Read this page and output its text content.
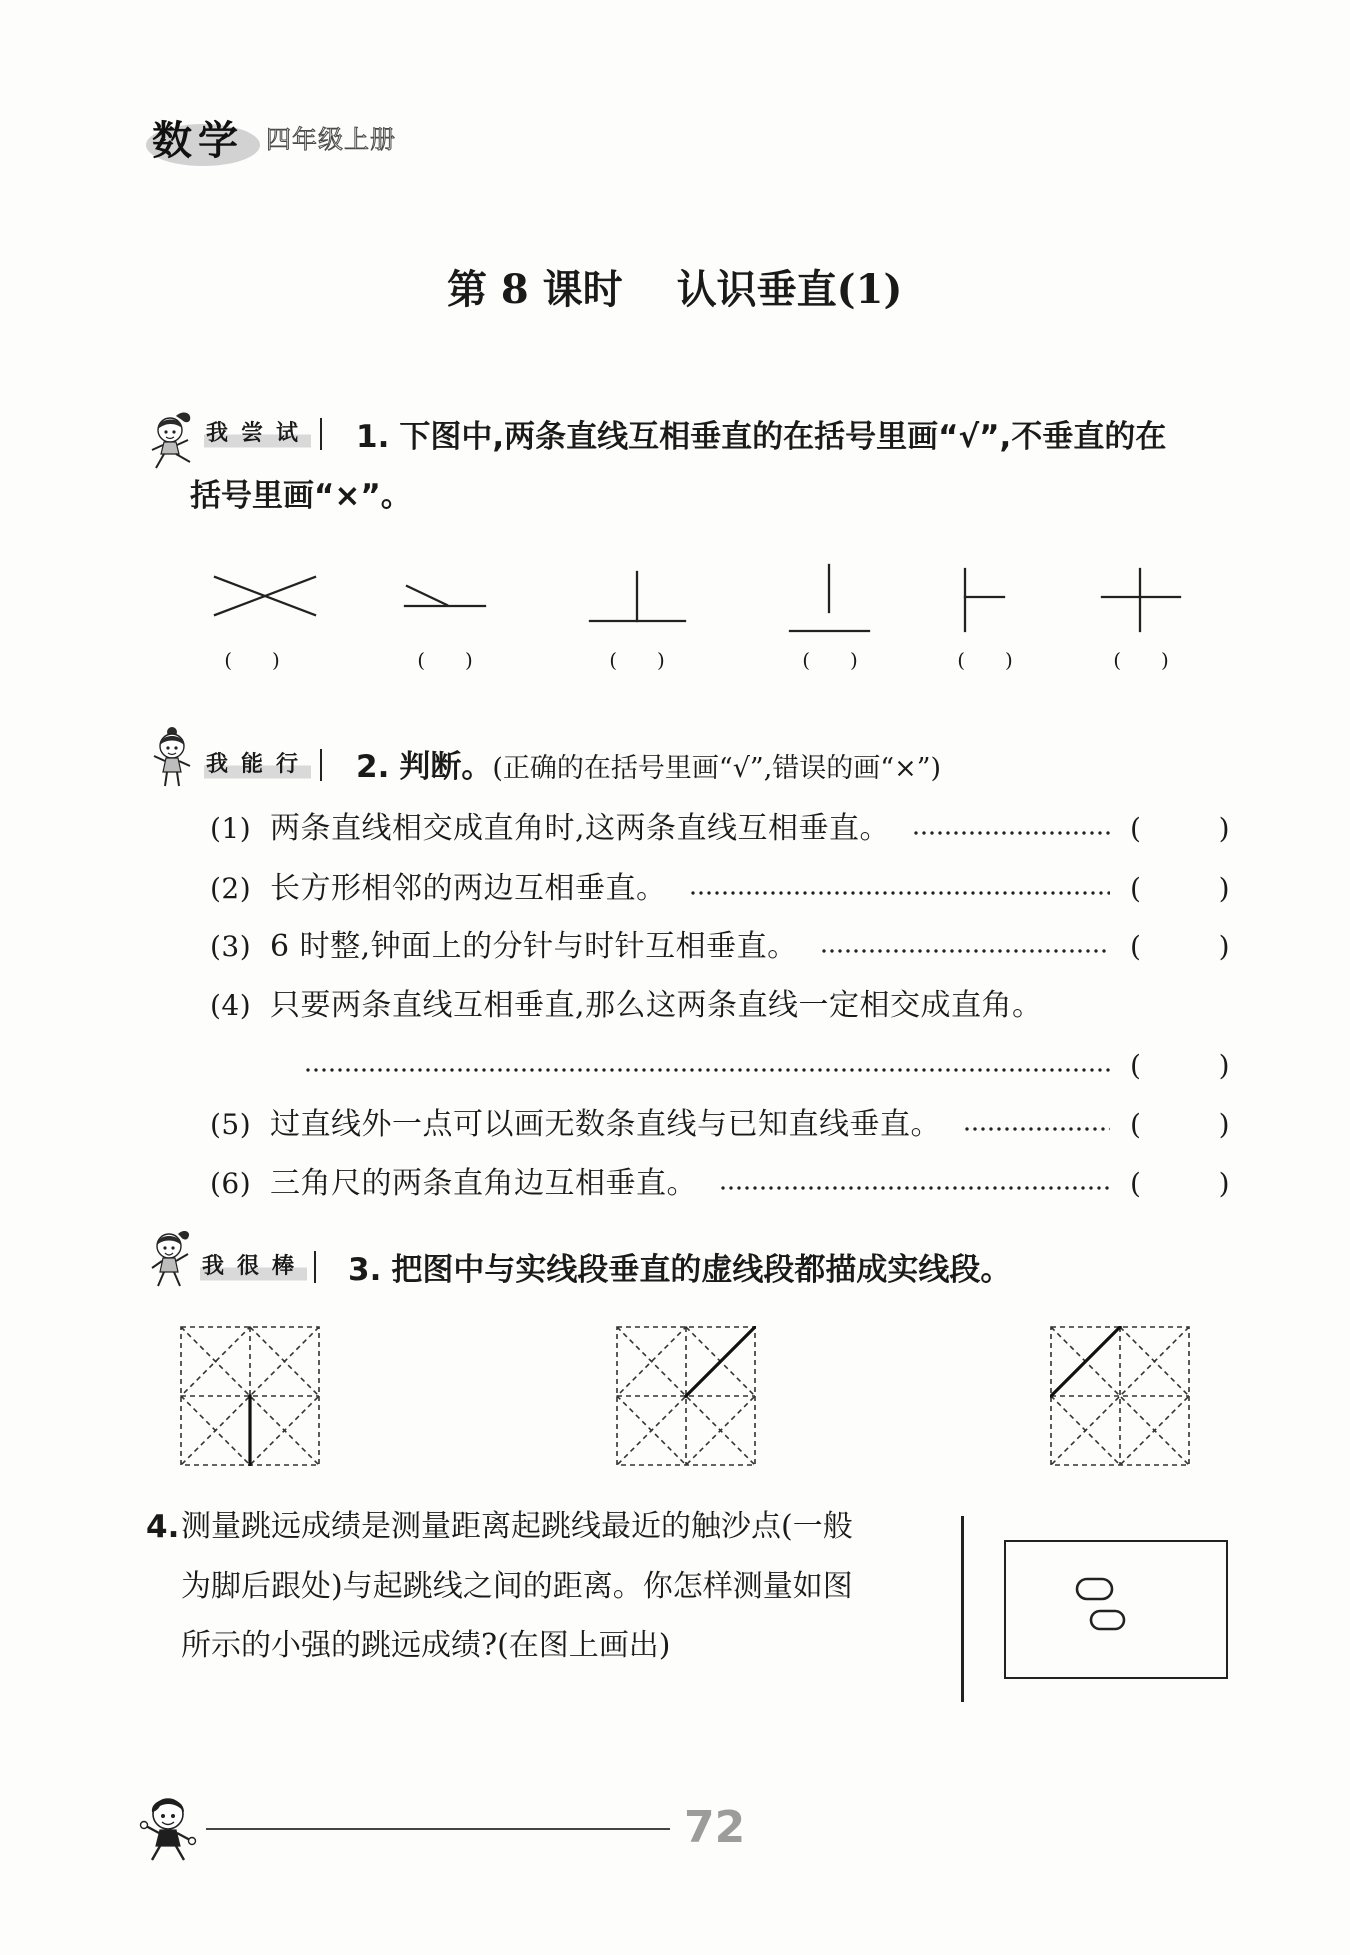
数学 四年级上册
第 8 课时 认识垂直(1)
我尝试 1. 下图中,两条直线互相垂直的在括号里画“√”,不垂直的在
括号里画“×”。
(　　)	(　　)	(　　)	(　　)	(　　)	(　　)
我能行 2. 判断。(正确的在括号里画“√”,错误的画“×”)
(1) 两条直线相交成直角时,这两条直线互相垂直。	(	)
(2) 长方形相邻的两边互相垂直。	(	)
(3) 6 时整,钟面上的分针与时针互相垂直。	(	)
(4) 只要两条直线互相垂直,那么这两条直线一定相交成直角。
(	)
(5) 过直线外一点可以画无数条直线与已知直线垂直。	(	)
(6) 三角尺的两条直角边互相垂直。	(	)
我很棒 3. 把图中与实线段垂直的虚线段都描成实线段。
4. 测量跳远成绩是测量距离起跳线最近的触沙点(一般
为脚后跟处)与起跳线之间的距离。你怎样测量如图
所示的小强的跳远成绩?(在图上画出)
72
